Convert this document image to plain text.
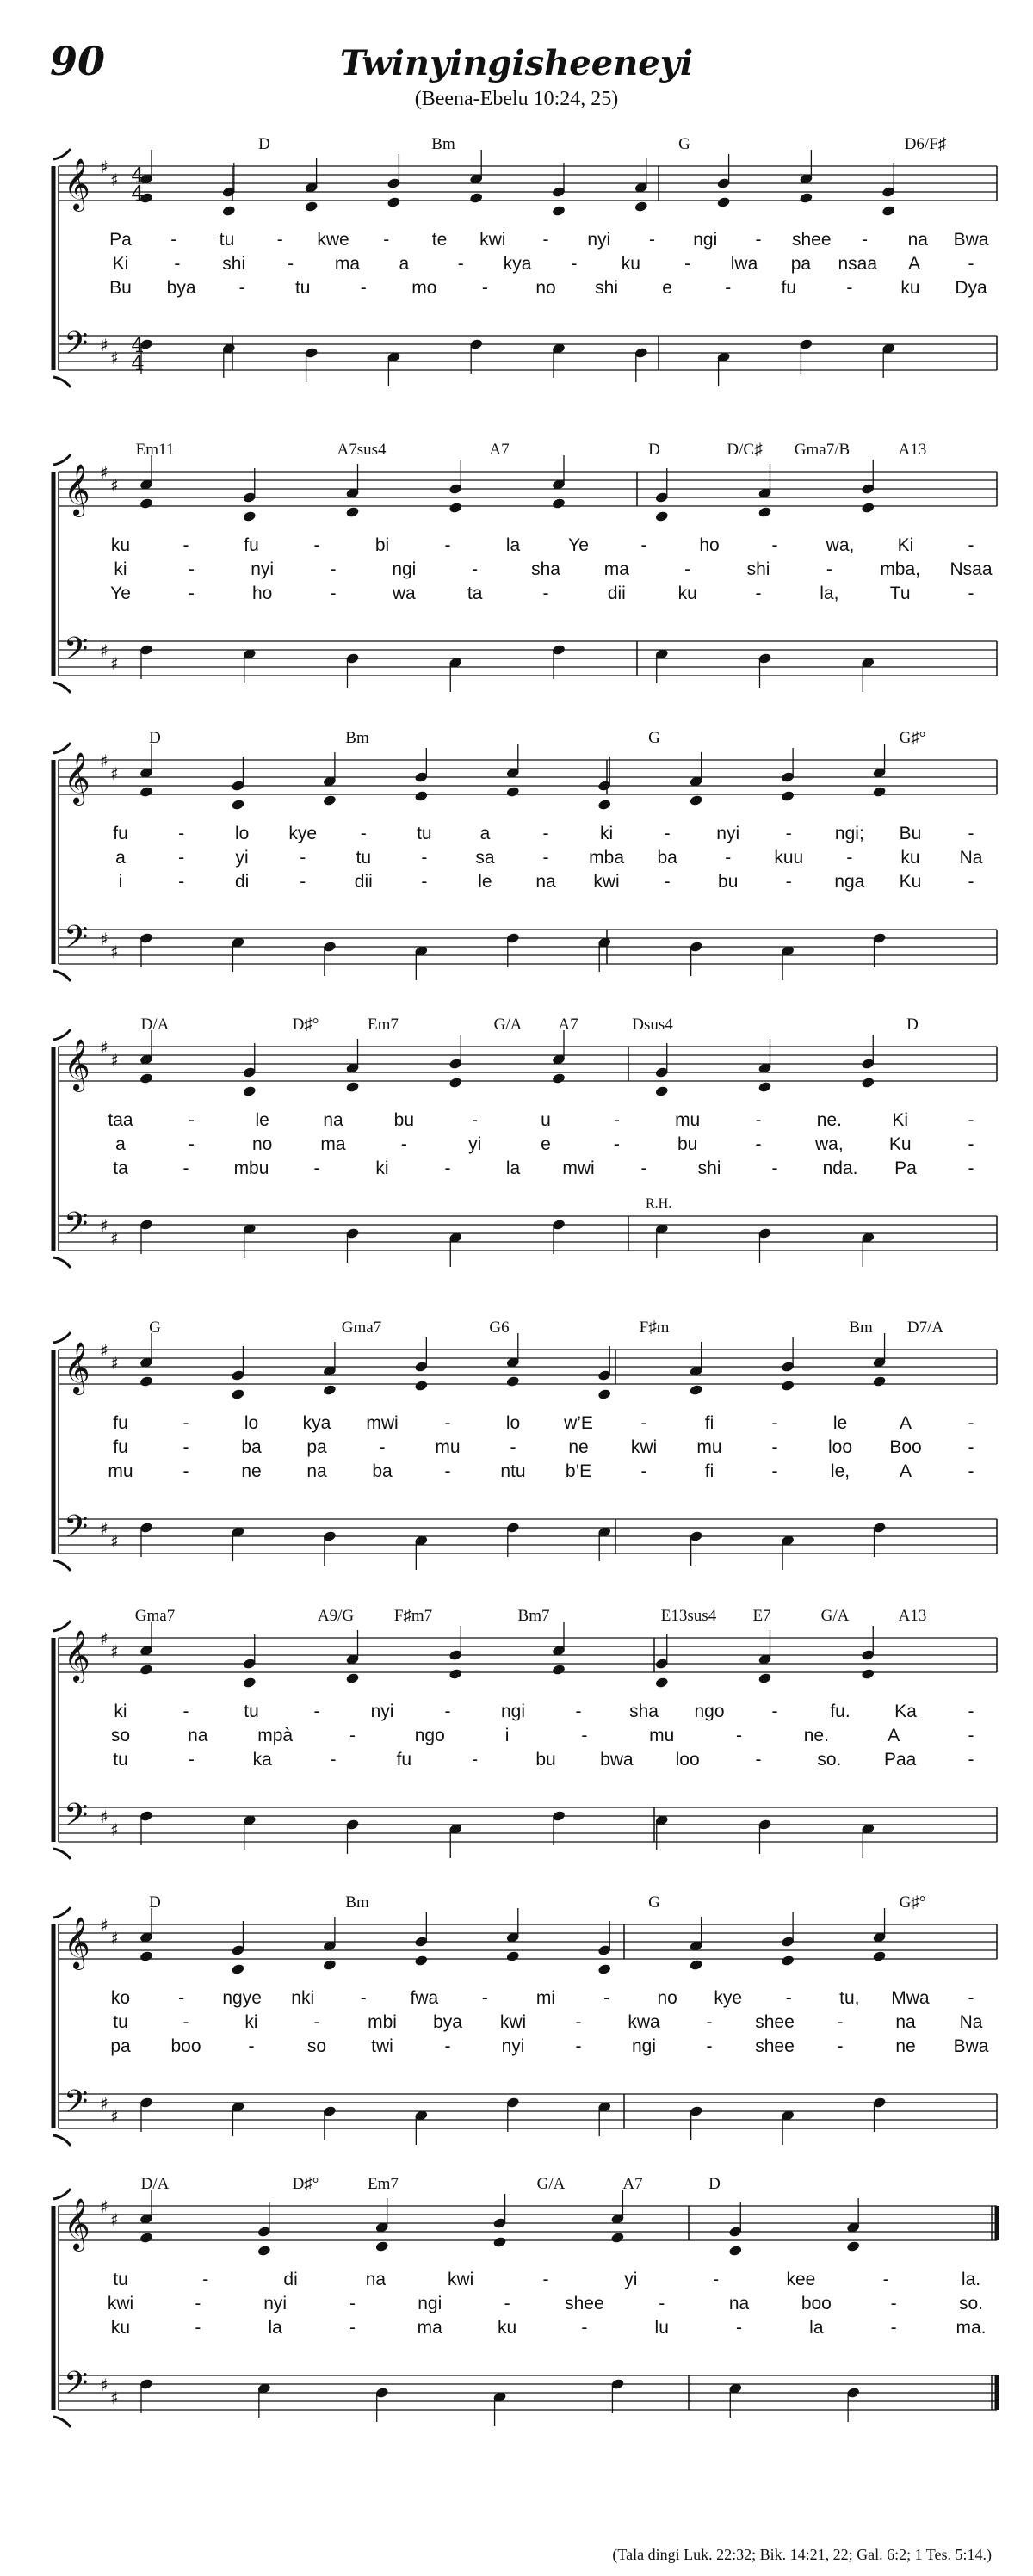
90	Twinyingisheeneyi
(Beena-Ebelu 10:24, 25)
𝄞
𝄢
♯
♯
♯
♯
4
4
4
4
D	Bm	G	D6/F♯
Pa - tu - kwe - te kwi - nyi - ngi - shee - na Bwa
Ki	- shi - ma a	- kya - ku - lwa pa nsaa A	-
Bu bya -	tu	- mo -	no shi e	-	fu	-	ku Dya
𝄞
𝄢
♯
♯
♯
♯
Em11	A7sus4	A7	D	D/C♯ Gma7/B	A13
ku	-	fu	-	bi	-	la	Ye	-	ho	-	wa, Ki	-
ki	-	nyi	-	ngi	-	sha ma	-	shi	-	mba, Nsaa
Ye	-	ho	-	wa	ta	-	dii	ku	-	la,	Tu	-
𝄞
𝄢
♯
♯
♯
♯
D	Bm	G	G♯°
fu	-	lo kye -	tu	a	-	ki	-	nyi	- ngi; Bu	-
a	-	yi	-	tu	-	sa	- mba ba	- kuu -	ku Na
i	-	di	-	dii	-	le na kwi -	bu	- nga Ku	-
𝄞
𝄢
♯
♯
♯
♯
D/A	D♯°	Em7	G/A A7	Dsus4	D
R.H.
taa	-	le	na	bu	-	u	-	mu	-	ne.	Ki	-
a	-	no	ma	-	yi	e	-	bu	-	wa,	Ku	-
ta	- mbu -	ki	-	la mwi	-	shi	- nda. Pa	-
𝄞
𝄢
♯
♯
♯
♯
G	Gma7	G6	F♯m	Bm D7/A
fu	-	lo kya mwi	-	lo w’E	-	fi	-	le	A	-
fu	-	ba	pa	-	mu	-	ne kwi mu	-	loo Boo	-
mu	-	ne	na	ba	-	ntu b’E	-	fi	-	le,	A	-
𝄞
𝄢
♯
♯
♯
♯
Gma7	A9/G F♯m7	Bm7	E13sus4 E7	G/A	A13
ki	-	tu	-	nyi	-	ngi	-	sha ngo	-	fu. Ka	-
so	na	mpà	-	ngo	i	-	mu	-	ne.	A	-
tu	-	ka	-	fu	-	bu bwa loo	-	so. Paa	-
𝄞
𝄢
♯
♯
♯
♯
D	Bm	G	G♯°
ko	- ngye nki	- fwa -	mi	-	no kye -	tu, Mwa -
tu	-	ki	-	mbi bya kwi	-	kwa	- shee -	na Na
pa boo	-	so twi	-	nyi	-	ngi	- shee -	ne Bwa
𝄞
𝄢
♯
♯
♯
♯
D/A	D♯°	Em7	G/A	A7	D
tu	-	di	na	kwi	-	yi	-	kee	-	la.
kwi	-	nyi	-	ngi	-	shee	-	na	boo	-	so.
ku	-	la	-	ma	ku	-	lu	-	la	-	ma.
(Tala dingi Luk. 22:32; Bik. 14:21, 22; Gal. 6:2; 1 Tes. 5:14.)
